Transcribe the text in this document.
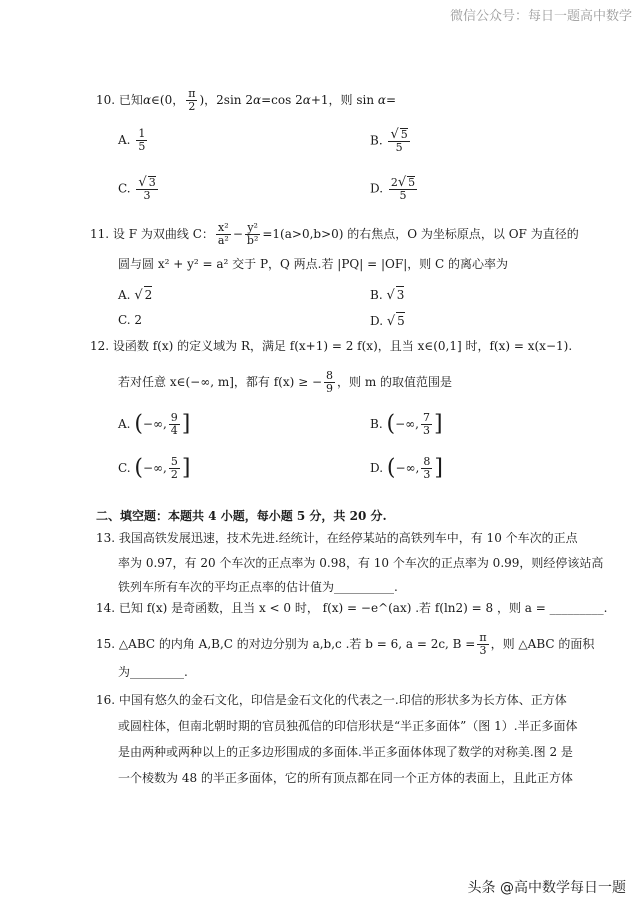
微信公众号：每日一题高中数学
10. 已知α∈(0， $\frac{\pi}{2}$ )，2sin 2α=cos 2α+1，则 sin α=
A. $\frac{1}{5}$	B. $\frac{√ 5}{5}$
C. $\frac{√ 3}{3}$	D. $\frac{2√ 5}{5}$
11. 设 F 为双曲线 C： $\frac{\text{x²}}{\text{a²}} - \frac{\text{y²}}{\text{b²}} =1(a>0,b>0)$ 的右焦点，O 为坐标原点，以 OF 为直径的
圆与圆 x² + y² = a² 交于 P，Q 两点.若 |PQ| = |OF|，则 C 的离心率为
A. √ 2	B. √ 3
C. 2	D. √ 5
12. 设函数 f(x) 的定义域为 R，满足 f(x+1) = 2 f(x)，且当 x∈(0,1] 时，f(x) = x(x−1).
若对任意 x∈(−∞, m]，都有 f(x) ≥ − $\frac{8}{9}$ ，则 m 的取值范围是
A. (−∞, $\frac{9}{4}$ ]	B. (−∞, $\frac{7}{3}$ ]
C. (−∞, $\frac{5}{2}$ ]	D. (−∞, $\frac{8}{3}$ ]
二、填空题：本题共 4 小题，每小题 5 分，共 20 分.
13. 我国高铁发展迅速，技术先进.经统计，在经停某站的高铁列车中，有 10 个车次的正点
率为 0.97，有 20 个车次的正点率为 0.98，有 10 个车次的正点率为 0.99，则经停该站高
铁列车所有车次的平均正点率的估计值为__________.
14. 已知 f(x) 是奇函数，且当 x < 0 时， f(x) = −e^(ax) .若 f(ln2) = 8 ，则 a = _________.
15. △ABC 的内角 A,B,C 的对边分别为 a,b,c .若 b = 6, a = 2c, $B = \frac{\pi}{3}$ ，则 △ABC 的面积
为_________.
16. 中国有悠久的金石文化，印信是金石文化的代表之一.印信的形状多为长方体、正方体
或圆柱体，但南北朝时期的官员独孤信的印信形状是“半正多面体”（图 1）.半正多面体
是由两种或两种以上的正多边形围成的多面体.半正多面体体现了数学的对称美.图 2 是
一个棱数为 48 的半正多面体，它的所有顶点都在同一个正方体的表面上，且此正方体
头条 @高中数学每日一题
